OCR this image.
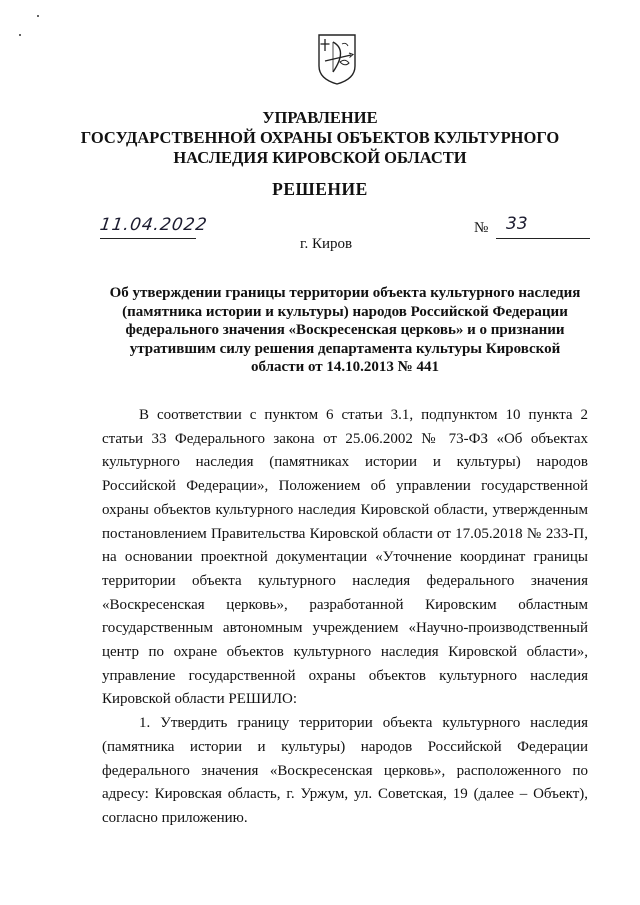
УПРАВЛЕНИЕ
ГОСУДАРСТВЕННОЙ ОХРАНЫ ОБЪЕКТОВ КУЛЬТУРНОГО
НАСЛЕДИЯ КИРОВСКОЙ ОБЛАСТИ
РЕШЕНИЕ
11.04.2022	№ 33
г. Киров
Об утверждении границы территории объекта культурного наследия
(памятника истории и культуры) народов Российской Федерации
федерального значения «Воскресенская церковь» и о признании
утратившим силу решения департамента культуры Кировской
области от 14.10.2013 № 441

В соответствии с пунктом 6 статьи 3.1, подпунктом 10 пункта 2 статьи 33 Федерального закона от 25.06.2002 № 73-ФЗ «Об объектах культурного наследия (памятниках истории и культуры) народов Российской Федерации», Положением об управлении государственной охраны объектов культурного наследия Кировской области, утвержденным постановлением Правительства Кировской области от 17.05.2018 № 233-П, на основании проектной документации «Уточнение координат границы территории объекта культурного наследия федерального значения «Воскресенская церковь», разработанной Кировским областным государственным автономным учреждением «Научно-производственный центр по охране объектов культурного наследия Кировской области», управление государственной охраны объектов культурного наследия Кировской области РЕШИЛО:

1. Утвердить границу территории объекта культурного наследия (памятника истории и культуры) народов Российской Федерации федерального значения «Воскресенская церковь», расположенного по адресу: Кировская область, г. Уржум, ул. Советская, 19 (далее – Объект), согласно приложению.
